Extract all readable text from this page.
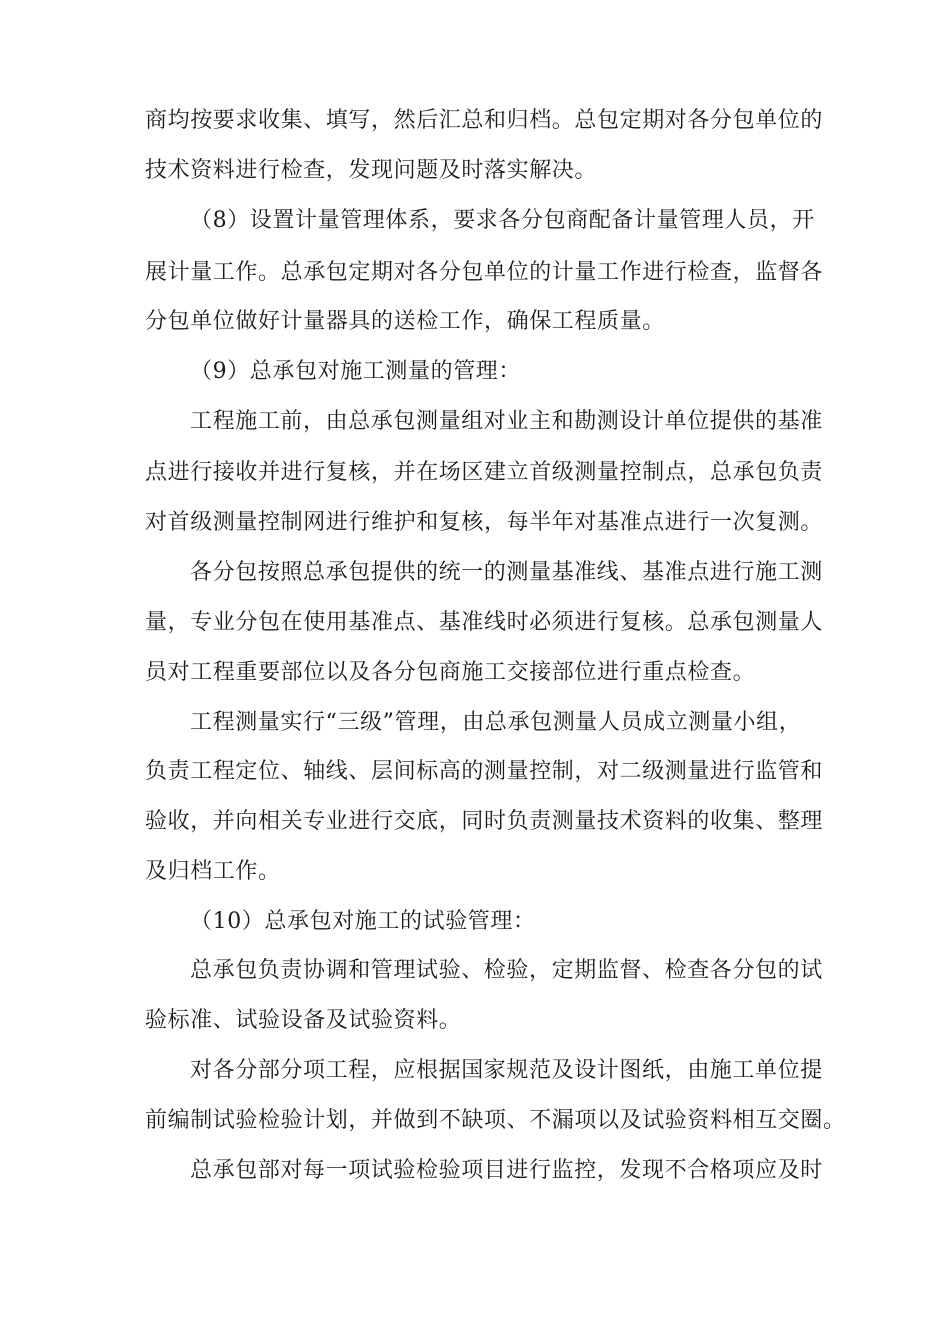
商均按要求收集、填写，然后汇总和归档。总包定期对各分包单位的
技术资料进行检查，发现问题及时落实解决。
（8）设置计量管理体系，要求各分包商配备计量管理人员，开
展计量工作。总承包定期对各分包单位的计量工作进行检查，监督各
分包单位做好计量器具的送检工作，确保工程质量。
（9）总承包对施工测量的管理：
工程施工前，由总承包测量组对业主和勘测设计单位提供的基准
点进行接收并进行复核，并在场区建立首级测量控制点，总承包负责
对首级测量控制网进行维护和复核，每半年对基准点进行一次复测。
各分包按照总承包提供的统一的测量基准线、基准点进行施工测
量，专业分包在使用基准点、基准线时必须进行复核。总承包测量人
员对工程重要部位以及各分包商施工交接部位进行重点检查。
工程测量实行“三级”管理，由总承包测量人员成立测量小组，
负责工程定位、轴线、层间标高的测量控制，对二级测量进行监管和
验收，并向相关专业进行交底，同时负责测量技术资料的收集、整理
及归档工作。
（10）总承包对施工的试验管理：
总承包负责协调和管理试验、检验，定期监督、检查各分包的试
验标准、试验设备及试验资料。
对各分部分项工程，应根据国家规范及设计图纸，由施工单位提
前编制试验检验计划，并做到不缺项、不漏项以及试验资料相互交圈。
总承包部对每一项试验检验项目进行监控，发现不合格项应及时
